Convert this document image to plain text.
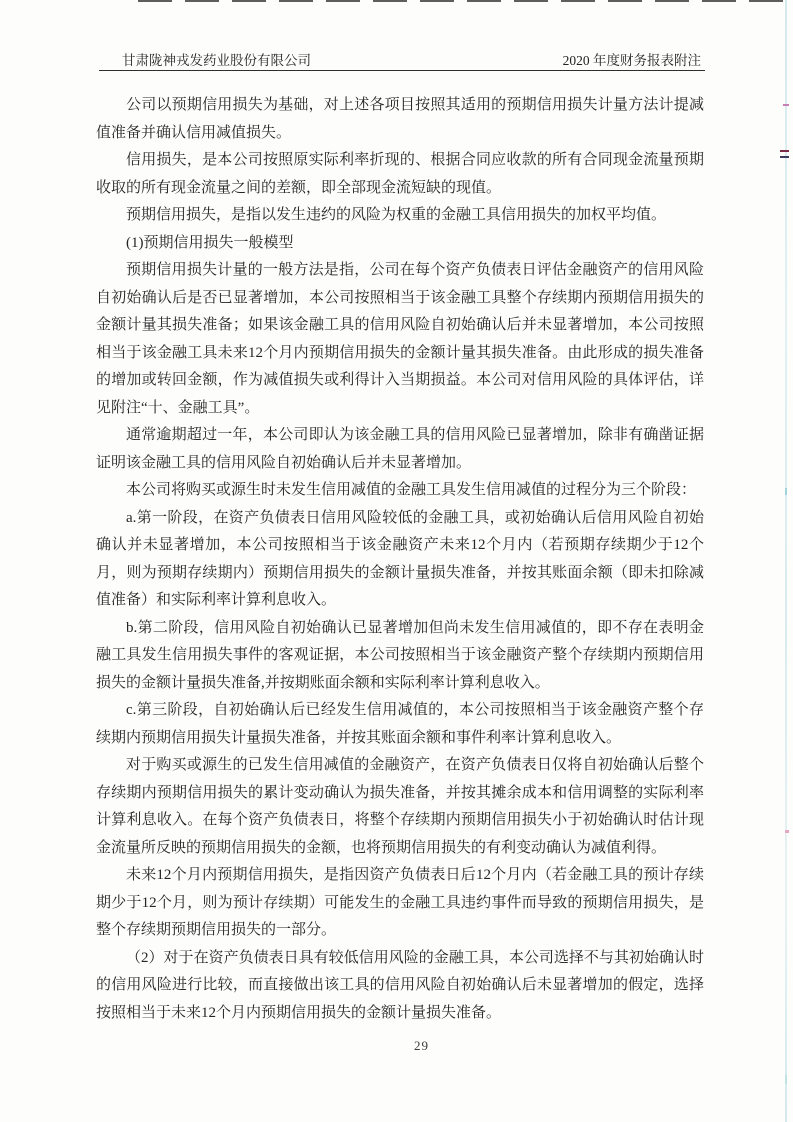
甘肃陇神戎发药业股份有限公司	2020 年度财务报表附注

公司以预期信用损失为基础，对上述各项目按照其适用的预期信用损失计量方法计提减值准备并确认信用减值损失。

信用损失，是本公司按照原实际利率折现的、根据合同应收款的所有合同现金流量预期收取的所有现金流量之间的差额，即全部现金流短缺的现值。

预期信用损失，是指以发生违约的风险为权重的金融工具信用损失的加权平均值。

(1)预期信用损失一般模型

预期信用损失计量的一般方法是指，公司在每个资产负债表日评估金融资产的信用风险自初始确认后是否已显著增加，本公司按照相当于该金融工具整个存续期内预期信用损失的金额计量其损失准备；如果该金融工具的信用风险自初始确认后并未显著增加，本公司按照相当于该金融工具未来12个月内预期信用损失的金额计量其损失准备。由此形成的损失准备的增加或转回金额，作为减值损失或利得计入当期损益。本公司对信用风险的具体评估，详见附注“十、金融工具”。

通常逾期超过一年，本公司即认为该金融工具的信用风险已显著增加，除非有确凿证据证明该金融工具的信用风险自初始确认后并未显著增加。

本公司将购买或源生时未发生信用减值的金融工具发生信用减值的过程分为三个阶段：

a.第一阶段，在资产负债表日信用风险较低的金融工具，或初始确认后信用风险自初始确认并未显著增加，本公司按照相当于该金融资产未来12个月内（若预期存续期少于12个月，则为预期存续期内）预期信用损失的金额计量损失准备，并按其账面余额（即未扣除减值准备）和实际利率计算利息收入。

b.第二阶段，信用风险自初始确认已显著增加但尚未发生信用减值的，即不存在表明金融工具发生信用损失事件的客观证据，本公司按照相当于该金融资产整个存续期内预期信用损失的金额计量损失准备,并按期账面余额和实际利率计算利息收入。

c.第三阶段，自初始确认后已经发生信用减值的，本公司按照相当于该金融资产整个存续期内预期信用损失计量损失准备，并按其账面余额和事件利率计算利息收入。

对于购买或源生的已发生信用减值的金融资产，在资产负债表日仅将自初始确认后整个存续期内预期信用损失的累计变动确认为损失准备，并按其摊余成本和信用调整的实际利率计算利息收入。在每个资产负债表日，将整个存续期内预期信用损失小于初始确认时估计现金流量所反映的预期信用损失的金额，也将预期信用损失的有利变动确认为减值利得。

未来12个月内预期信用损失，是指因资产负债表日后12个月内（若金融工具的预计存续期少于12个月，则为预计存续期）可能发生的金融工具违约事件而导致的预期信用损失，是整个存续期预期信用损失的一部分。

（2）对于在资产负债表日具有较低信用风险的金融工具，本公司选择不与其初始确认时的信用风险进行比较，而直接做出该工具的信用风险自初始确认后未显著增加的假定，选择按照相当于未来12个月内预期信用损失的金额计量损失准备。

29
